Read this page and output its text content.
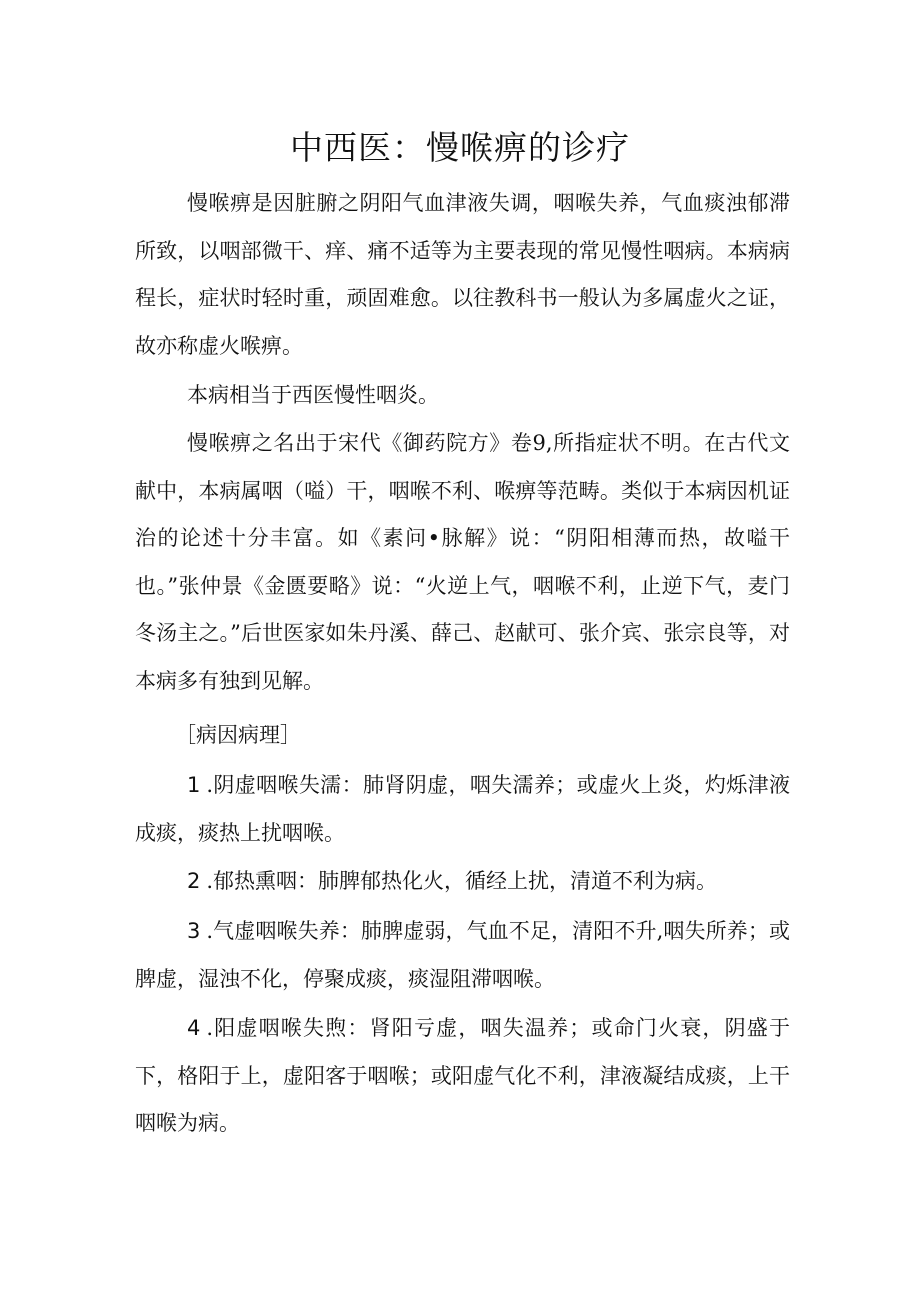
中西医：慢喉痹的诊疗

慢喉痹是因脏腑之阴阳气血津液失调，咽喉失养，气血痰浊郁滞所致，以咽部微干、痒、痛不适等为主要表现的常见慢性咽病。本病病程长，症状时轻时重，顽固难愈。以往教科书一般认为多属虚火之证，故亦称虚火喉痹。

本病相当于西医慢性咽炎。

慢喉痹之名出于宋代《御药院方》卷9,所指症状不明。在古代文献中，本病属咽（嗌）干，咽喉不利、喉痹等范畴。类似于本病因机证治的论述十分丰富。如《素问•脉解》说：“阴阳相薄而热，故嗌干也。”张仲景《金匮要略》说：“火逆上气，咽喉不利，止逆下气，麦门冬汤主之。”后世医家如朱丹溪、薛己、赵献可、张介宾、张宗良等，对本病多有独到见解。

［病因病理］

1 .阴虚咽喉失濡：肺肾阴虚，咽失濡养；或虚火上炎，灼烁津液成痰，痰热上扰咽喉。

2 .郁热熏咽：肺脾郁热化火，循经上扰，清道不利为病。

3 .气虚咽喉失养：肺脾虚弱，气血不足，清阳不升,咽失所养；或脾虚，湿浊不化，停聚成痰，痰湿阻滞咽喉。

4 .阳虚咽喉失煦：肾阳亏虚，咽失温养；或命门火衰，阴盛于下，格阳于上，虚阳客于咽喉；或阳虚气化不利，津液凝结成痰，上干咽喉为病。
